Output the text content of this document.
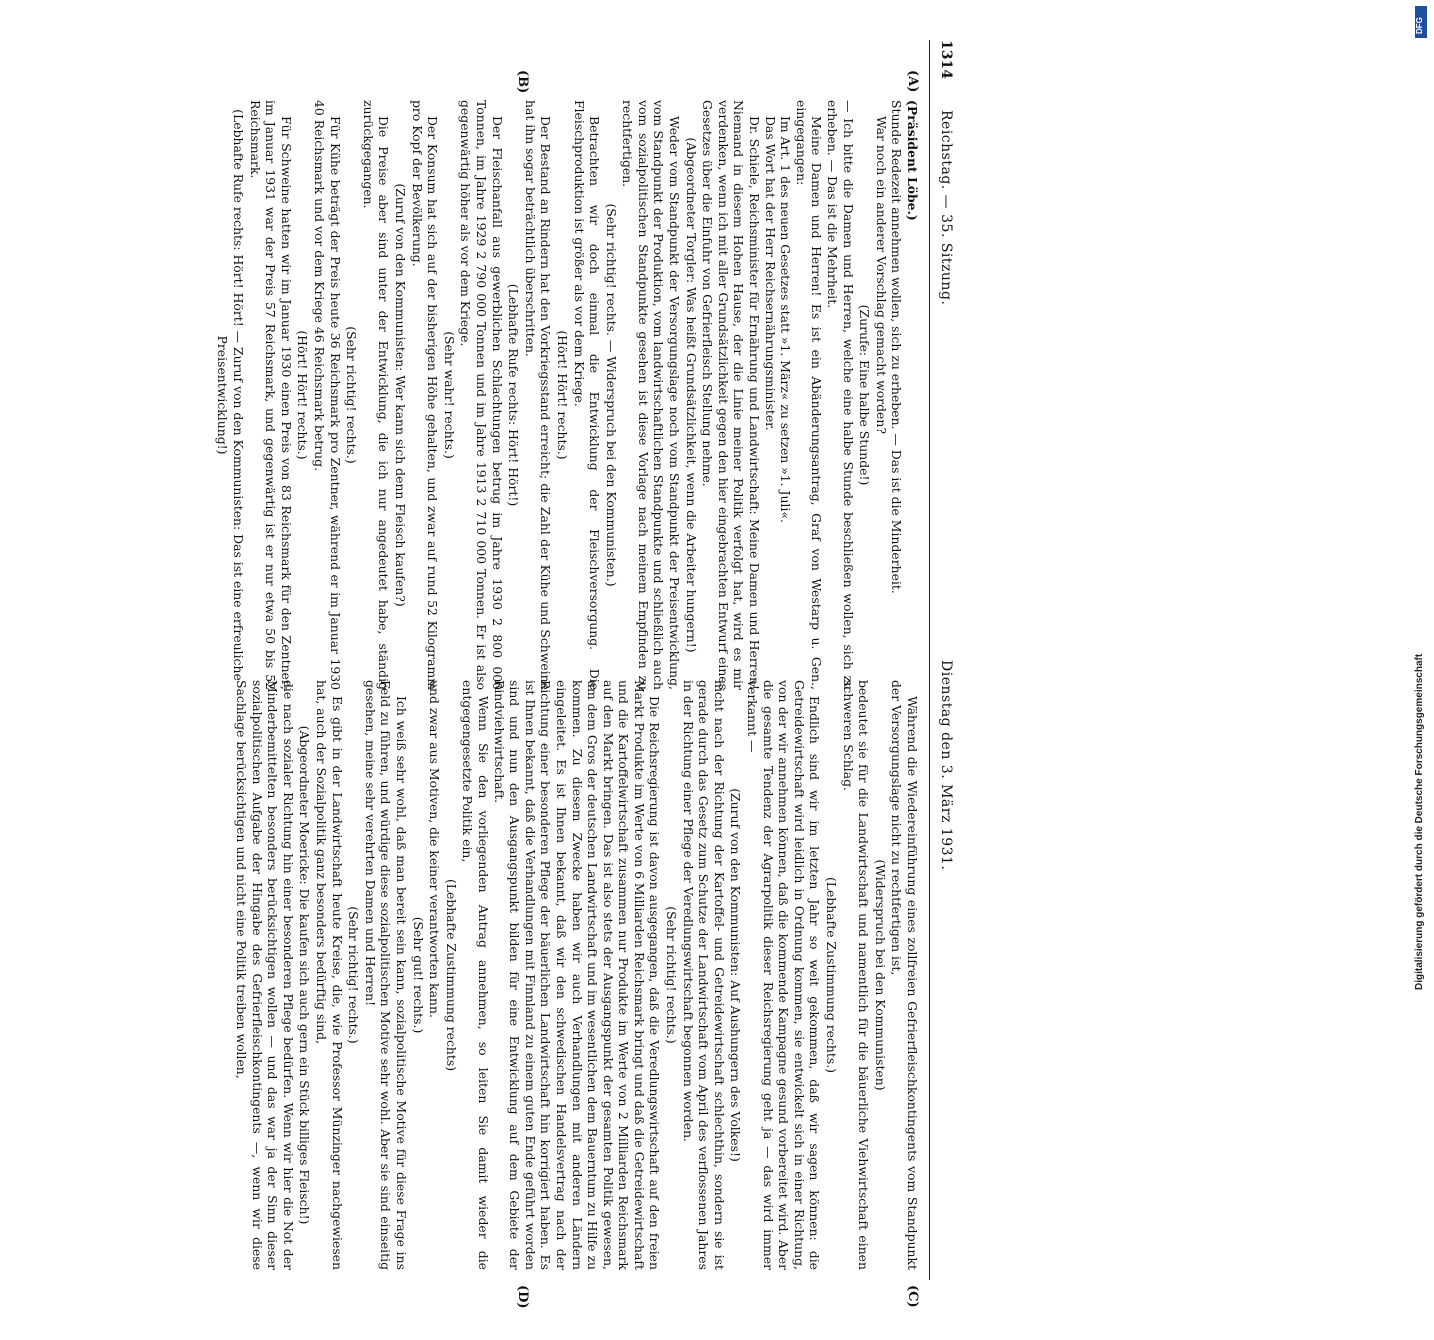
1314
Reichstag. — 35. Sitzung.
Dienstag den 3. März 1931.
(A)
(B)
(C)
(D)

(Präsident Löbe.)

Stunde Redezeit annehmen wollen, sich zu erheben. — Das ist die Minderheit.

War noch ein anderer Vorschlag gemacht worden?

(Zurufe: Eine halbe Stunde!)

— Ich bitte die Damen und Herren, welche eine halbe Stunde beschließen wollen, sich zu erheben. — Das ist die Mehrheit.

Meine Damen und Herren! Es ist ein Abänderungsantrag, Graf von Westarp u. Gen., eingegangen:

Im Art. 1 des neuen Gesetzes statt »1. März« zu setzen »1. Juli«.

Das Wort hat der Herr Reichsernährungsminister.

Dr. Schiele, Reichsminister für Ernährung und Landwirtschaft: Meine Damen und Herren! Niemand in diesem Hohen Hause, der die Linie meiner Politik verfolgt hat, wird es mir verdenken, wenn ich mit aller Grundsätzlichkeit gegen den hier eingebrachten Entwurf eines Gesetzes über die Einfuhr von Gefrierfleisch Stellung nehme.

(Abgeordneter Torgler: Was heißt Grundsätzlichkeit, wenn die Arbeiter hungern!)

Weder vom Standpunkt der Versorgungslage noch vom Standpunkt der Preisentwicklung, vom Standpunkt der Produktion, vom landwirtschaftlichen Standpunkte und schließlich auch vom sozialpolitischen Standpunkte gesehen ist diese Vorlage nach meinem Empfinden zu rechtfertigen.

(Sehr richtig! rechts. — Widerspruch bei den Kommunisten.)

Betrachten wir doch einmal die Entwicklung der Fleischversorgung. Die Fleischproduktion ist größer als vor dem Kriege.

(Hört! Hört! rechts.)

Der Bestand an Rindern hat den Vorkriegsstand erreicht; die Zahl der Kühe und Schweine hat ihn sogar beträchtlich überschritten.

(Lebhafte Rufe rechts: Hört! Hört!)

Der Fleischanfall aus gewerblichen Schlachtungen betrug im Jahre 1930 2 800 000 Tonnen, im Jahre 1929 2 790 000 Tonnen und im Jahre 1913 2 710 000 Tonnen. Er ist also gegenwärtig höher als vor dem Kriege.

(Sehr wahr! rechts.)

Der Konsum hat sich auf der bisherigen Höhe gehalten, und zwar auf rund 52 Kilogramm pro Kopf der Bevölkerung.

(Zuruf von den Kommunisten: Wer kann sich denn Fleisch kaufen?)

Die Preise aber sind unter der Entwicklung, die ich nur angedeutet habe, ständig zurückgegangen.

(Sehr richtig! rechts.)

Für Kühe beträgt der Preis heute 36 Reichsmark pro Zentner, während er im Januar 1930 40 Reichsmark und vor dem Kriege 46 Reichsmark betrug.

(Hört! Hört! rechts.)

Für Schweine hatten wir im Januar 1930 einen Preis von 83 Reichsmark für den Zentner; im Januar 1931 war der Preis 57 Reichsmark, und gegenwärtig ist er nur etwa 50 bis 52 Reichsmark.

(Lebhafte Rufe rechts: Hört! Hört! — Zuruf von den Kommunisten: Das ist eine erfreuliche Preisentwicklung!)

Während die Wiedereinführung eines zollfreien Gefrierfleischkontingents vom Standpunkt der Versorgungslage nicht zu rechtfertigen ist,

(Widerspruch bei den Kommunisten)

bedeutet sie für die Landwirtschaft und namentlich für die bäuerliche Viehwirtschaft einen schweren Schlag.

(Lebhafte Zustimmung rechts.)

Endlich sind wir im letzten Jahr so weit gekommen, daß wir sagen können: die Getreidewirtschaft wird leidlich in Ordnung kommen, sie entwickelt sich in einer Richtung, von der wir annehmen können, daß die kommende Kampagne gesund vorbereitet wird. Aber die gesamte Tendenz der Agrarpolitik dieser Reichsregierung geht ja — das wird immer verkannt —

(Zuruf von den Kommunisten: Auf Aushungern des Volkes!)

nicht nach der Richtung der Kartoffel- und Getreidewirtschaft schlechthin, sondern sie ist gerade durch das Gesetz zum Schutze der Landwirtschaft vom April des verflossenen Jahres in der Richtung einer Pflege der Veredlungswirtschaft begonnen worden.

(Sehr richtig! rechts.)

Die Reichsregierung ist davon ausgegangen, daß die Veredlungswirtschaft auf den freien Markt Produkte im Werte von 6 Milliarden Reichsmark bringt und daß die Getreidewirtschaft und die Kartoffelwirtschaft zusammen nur Produkte im Werte von 2 Milliarden Reichsmark auf den Markt bringen. Das ist also stets der Ausgangspunkt der gesamten Politik gewesen, um dem Gros der deutschen Landwirtschaft und im wesentlichen dem Bauerntum zu Hilfe zu kommen. Zu diesem Zwecke haben wir auch Verhandlungen mit anderen Ländern eingeleitet. Es ist Ihnen bekannt, daß wir den schwedischen Handelsvertrag nach der Richtung einer besonderen Pflege der bäuerlichen Landwirtschaft hin korrigiert haben. Es ist Ihnen bekannt, daß die Verhandlungen mit Finnland zu einem guten Ende geführt worden sind und nun den Ausgangspunkt bilden für eine Entwicklung auf dem Gebiete der Rindviehwirtschaft.

Wenn Sie den vorliegenden Antrag annehmen, so leiten Sie damit wieder die entgegengesetzte Politik ein,

(Lebhafte Zustimmung rechts)

und zwar aus Motiven, die keiner verantworten kann.

(Sehr gut! rechts.)

Ich weiß sehr wohl, daß man bereit sein kann, sozialpolitische Motive für diese Frage ins Feld zu führen, und würdige diese sozialpolitischen Motive sehr wohl. Aber sie sind einseitig gesehen, meine sehr verehrten Damen und Herren!

(Sehr richtig! rechts.)

Es gibt in der Landwirtschaft heute Kreise, die, wie Professor Münzinger nachgewiesen hat, auch der Sozialpolitik ganz besonders bedürftig sind,

(Abgeordneter Moericke: Die kaufen sich auch gern ein Stück billiges Fleisch!)

die nach sozialer Richtung hin einer besonderen Pflege bedürfen. Wenn wir hier die Not der Minderbemittelten besonders berücksichtigen wollen — und das war ja der Sinn dieser sozialpolitischen Aufgabe der Hingabe des Gefrierfleischkontingents —, wenn wir diese Sachlage berücksichtigen und nicht eine Politik treiben wollen,

DFG
Digitalisierung gefördert durch die Deutsche Forschungsgemeinschaft
